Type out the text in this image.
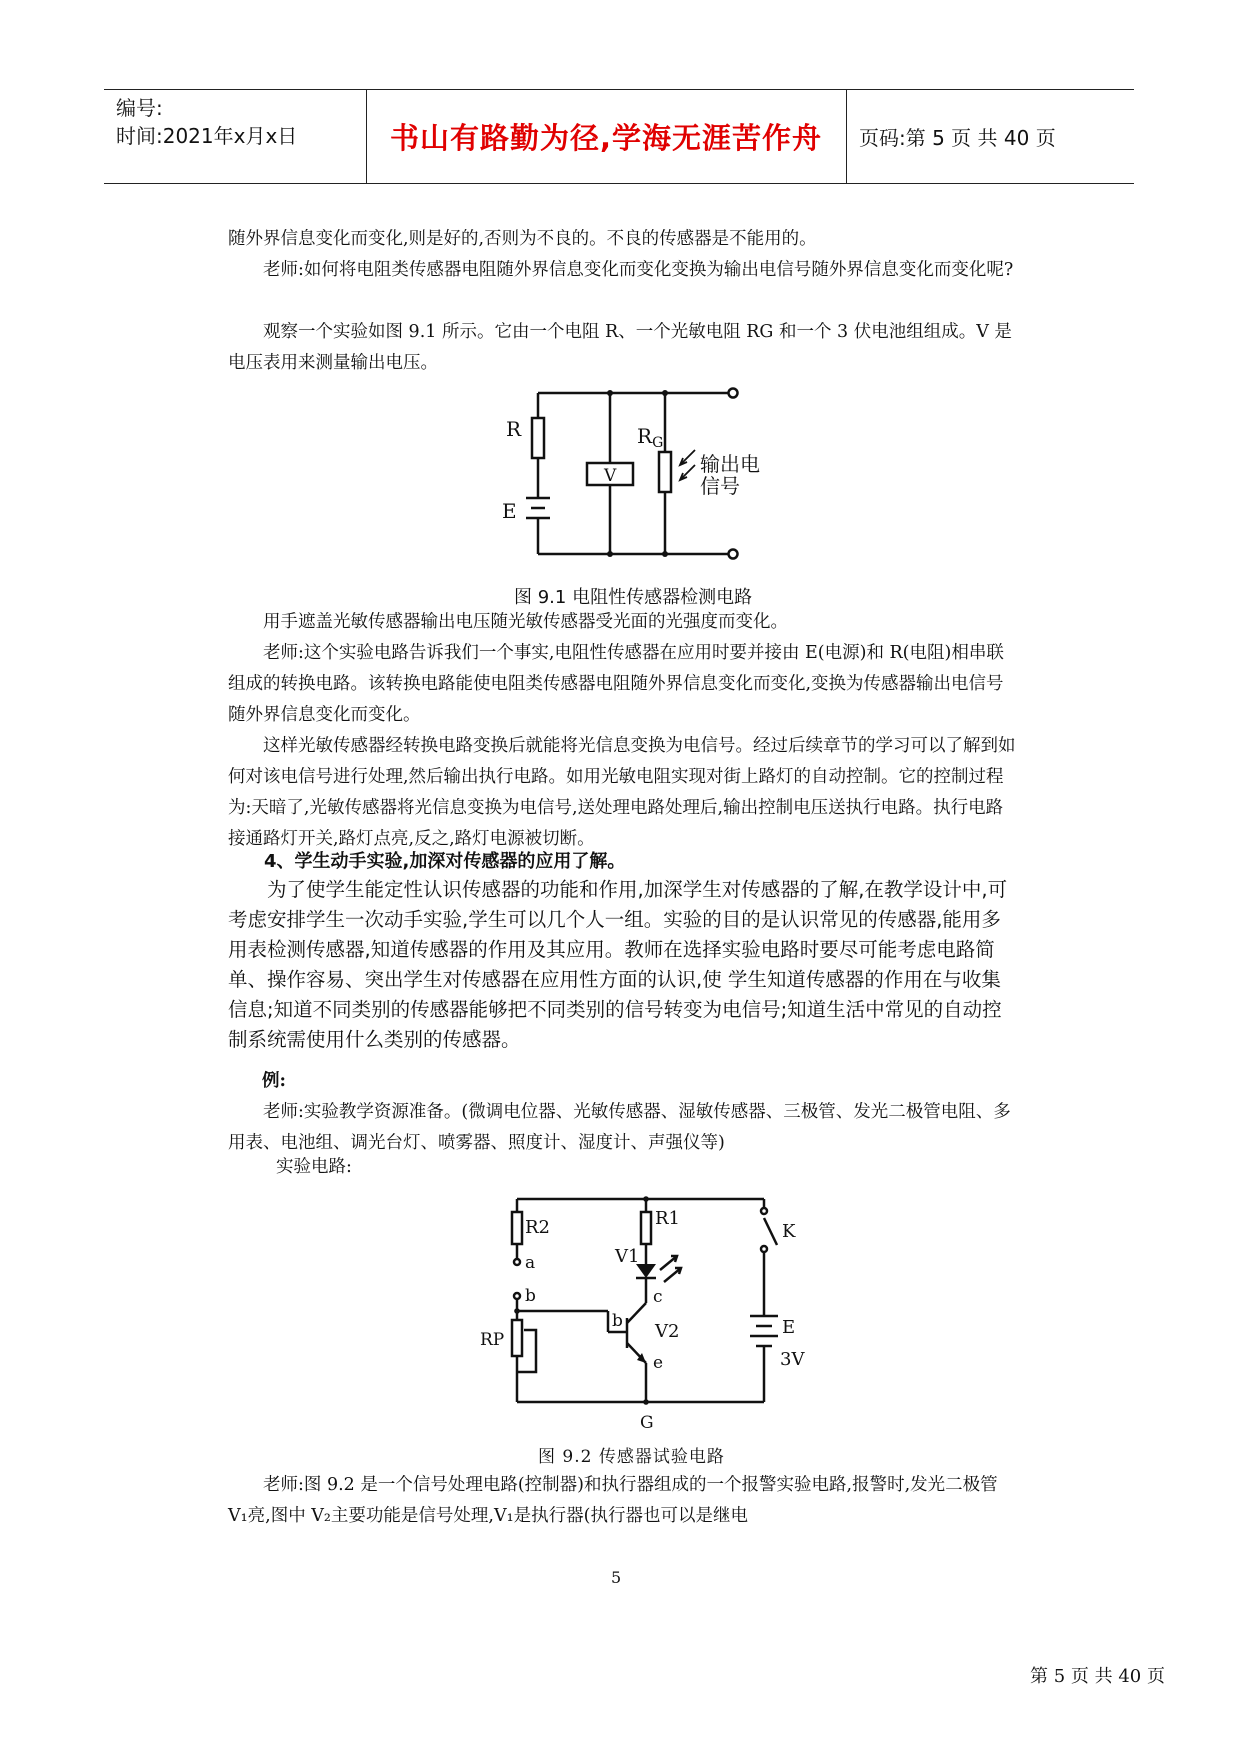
编号:
时间:2021年x月x日	书山有路勤为径,学海无涯苦作舟 页码:第 5 页 共 40 页
随外界信息变化而变化,则是好的,否则为不良的。不良的传感器是不能用的。
老师:如何将电阻类传感器电阻随外界信息变化而变化变换为输出电信号随外界信息变化而变化呢?
观察一个实验如图 9.1 所示。它由一个电阻 R、一个光敏电阻 RG 和一个 3 伏电池组组成。V 是电压表用来测量输出电压。
R
E
V
$R_G$
输出电
信号
图 9.1 电阻性传感器检测电路
用手遮盖光敏传感器输出电压随光敏传感器受光面的光强度而变化。
老师:这个实验电路告诉我们一个事实,电阻性传感器在应用时要并接由 E(电源)和 R(电阻)相串联组成的转换电路。该转换电路能使电阻类传感器电阻随外界信息变化而变化,变换为传感器输出电信号随外界信息变化而变化。
这样光敏传感器经转换电路变换后就能将光信息变换为电信号。经过后续章节的学习可以了解到如何对该电信号进行处理,然后输出执行电路。如用光敏电阻实现对街上路灯的自动控制。它的控制过程为:天暗了,光敏传感器将光信息变换为电信号,送处理电路处理后,输出控制电压送执行电路。执行电路接通路灯开关,路灯点亮,反之,路灯电源被切断。
4、学生动手实验,加深对传感器的应用了解。
为了使学生能定性认识传感器的功能和作用,加深学生对传感器的了解,在教学设计中,可考虑安排学生一次动手实验,学生可以几个人一组。实验的目的是认识常见的传感器,能用多用表检测传感器,知道传感器的作用及其应用。教师在选择实验电路时要尽可能考虑电路简单、操作容易、突出学生对传感器在应用性方面的认识,使 学生知道传感器的作用在与收集信息;知道不同类别的传感器能够把不同类别的信号转变为电信号;知道生活中常见的自动控制系统需使用什么类别的传感器。
例:
老师:实验教学资源准备。(微调电位器、光敏传感器、湿敏传感器、三极管、发光二极管电阻、多用表、电池组、调光台灯、喷雾器、照度计、湿度计、声强仪等)
实验电路:
R2
a
R1
K
V1
c
b
b V2
e
E
3V
RP
G
图 9.2 传感器试验电路
老师:图 9.2 是一个信号处理电路(控制器)和执行器组成的一个报警实验电路,报警时,发光二极管 V₁亮,图中 V₂主要功能是信号处理,V₁是执行器(执行器也可以是继电
5
第 5 页 共 40 页
